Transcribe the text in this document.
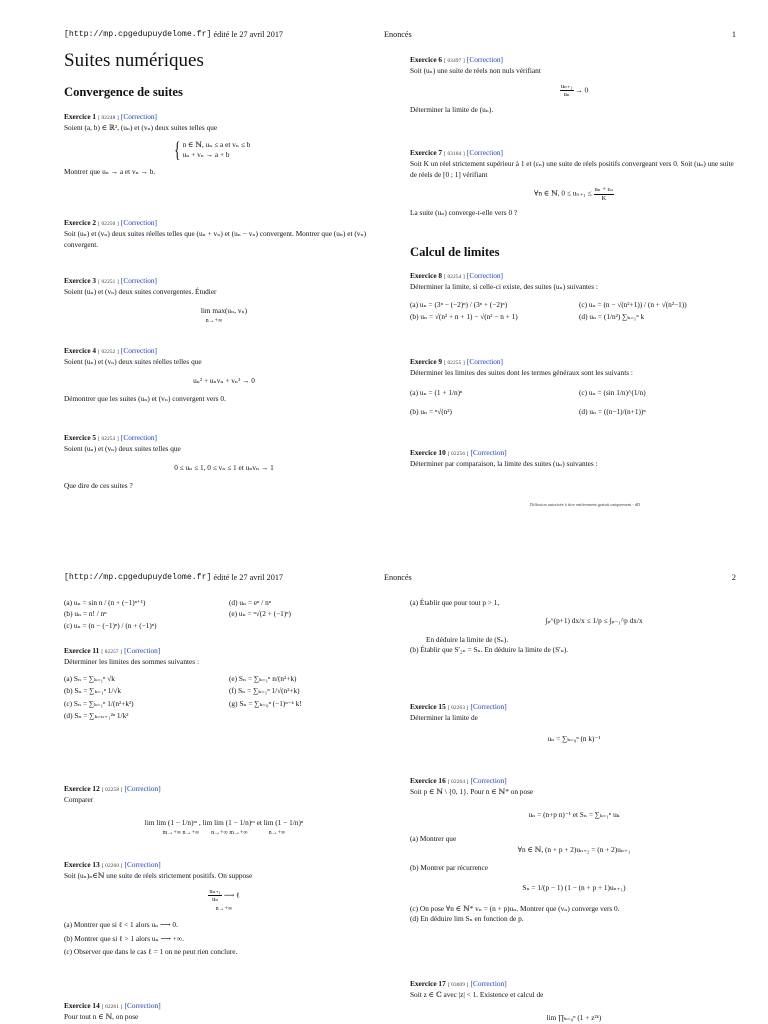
[http://mp.cpgedupuydelome.fr]
édité le 27 avril 2017	Enoncés	1
Suites numériques
Convergence de suites
Exercice 1 [ 02248 ] [Correction]
Soient (a, b) ∈ ℝ², (uₙ) et (vₙ) deux suites telles que
{ n ∈ ℕ, uₙ ≤ a et vₙ ≤ b
uₙ + vₙ → a + b
Montrer que uₙ → a et vₙ → b.
Exercice 2 [ 02250 ] [Correction]
Soit (uₙ) et (vₙ) deux suites réelles telles que (uₙ + vₙ) et (uₙ − vₙ) convergent. Montrer que (uₙ) et (vₙ) convergent.
Exercice 3 [ 02251 ] [Correction]
Soient (uₙ) et (vₙ) deux suites convergentes. Étudier
lim max(uₙ, vₙ)
n→+∞
Exercice 4 [ 02252 ] [Correction]
Soient (uₙ) et (vₙ) deux suites réelles telles que
uₙ² + uₙvₙ + vₙ² → 0
Démontrer que les suites (uₙ) et (vₙ) convergent vers 0.
Exercice 5 [ 02253 ] [Correction]
Soient (uₙ) et (vₙ) deux suites telles que
0 ≤ uₙ ≤ 1, 0 ≤ vₙ ≤ 1 et uₙvₙ → 1
Que dire de ces suites ?
Exercice 6 [ 03497 ] [Correction]
Soit (uₙ) une suite de réels non nuls vérifiant
$\frac{\text{uₙ₊₁}}{\text{uₙ}} \to 0$
Déterminer la limite de (uₙ).
Exercice 7 [ 03184 ] [Correction]
Soit K un réel strictement supérieur à 1 et (εₙ) une suite de réels positifs convergeant vers 0. Soit (uₙ) une suite de réels de [0 ; 1] vérifiant
∀n ∈ ℕ, $0 \le u_{n+1} \le \frac{\text{uₙ + εₙ}}{K}$
La suite (uₙ) converge-t-elle vers 0 ?
Calcul de limites
Exercice 8 [ 02254 ] [Correction]
Déterminer la limite, si celle-ci existe, des suites (uₙ) suivantes :
(a) uₙ = (3ⁿ − (−2)ⁿ) / (3ⁿ + (−2)ⁿ)	(c) uₙ = (n − √(n²+1)) / (n + √(n²−1))
(b) uₙ = √(n² + n + 1) − √(n² − n + 1)	(d) uₙ = (1/n²) ∑ₖ₌₁ⁿ k
Exercice 9 [ 02255 ] [Correction]
Déterminer les limites des suites dont les termes généraux sont les suivants :
(a) uₙ = (1 + 1/n)ⁿ	(c) uₙ = (sin 1/n)^(1/n)
(b) uₙ = ⁿ√(n²)	(d) uₙ = ((n−1)/(n+1))ⁿ
Exercice 10 [ 02256 ] [Correction]
Déterminer par comparaison, la limite des suites (uₙ) suivantes :
Diffusion autorisée à titre entièrement gratuit uniquement - dD
[http://mp.cpgedupuydelome.fr]
édité le 27 avril 2017	Enoncés	2
(a) uₙ = sin n / (n + (−1)ⁿ⁺¹)	(d) uₙ = eⁿ / nⁿ
(b) uₙ = n! / nⁿ	(e) uₙ = ⁿ√(2 + (−1)ⁿ)
(c) uₙ = (n − (−1)ⁿ) / (n + (−1)ⁿ)
Exercice 11 [ 02257 ] [Correction]
Déterminer les limites des sommes suivantes :
(a) Sₙ = ∑ₖ₌₁ⁿ √k	(e) Sₙ = ∑ₖ₌₁ⁿ n/(n²+k)
(b) Sₙ = ∑ₖ₌₁ⁿ 1/√k	(f) Sₙ = ∑ₖ₌₁ⁿ 1/√(n²+k)
(c) Sₙ = ∑ₖ₌₁ⁿ 1/(n²+k²)	(g) Sₙ = ∑ₖ₌₀ⁿ (−1)ⁿ⁻ᵏ k!
(d) Sₙ = ∑ₖ₌ₙ₊₁²ⁿ 1/k²
Exercice 12 [ 02258 ] [Correction]
Comparer
lim lim (1 − 1/n)ᵐ , lim lim (1 − 1/n)ᵐ et lim (1 − 1/n)ⁿ
m→+∞ n→+∞        n→+∞ m→+∞              n→+∞
Exercice 13 [ 02260 ] [Correction]
Soit (uₙ)ₙ∈ℕ une suite de réels strictement positifs. On suppose
$\frac{\text{uₙ₊₁}}{\text{uₙ}}$ ⟶ ℓ
n→+∞
(a) Montrer que si ℓ < 1 alors uₙ ⟶ 0.
(b) Montrer que si ℓ > 1 alors uₙ ⟶ +∞.
(c) Observer que dans le cas ℓ = 1 on ne peut rien conclure.
Exercice 14 [ 02261 ] [Correction]
Pour tout n ∈ ℕ, on pose
(a) Établir que pour tout p > 1,
∫ₚ^(p+1) dx/x ≤ 1/p ≤ ∫ₚ₋₁^p dx/x
En déduire la limite de (Sₙ).
(b) Établir que S′₂ₙ = Sₙ. En déduire la limite de (S′ₙ).
Exercice 15 [ 02263 ] [Correction]
Déterminer la limite de
uₙ = ∑ₖ₌₀ⁿ (n k)⁻¹
Exercice 16 [ 02264 ] [Correction]
Soit p ∈ ℕ \ {0, 1}. Pour n ∈ ℕ* on pose
uₙ = (n+p n)⁻¹ et Sₙ = ∑ₖ₌₁ⁿ uₖ
(a) Montrer que
∀n ∈ ℕ, (n + p + 2)uₙ₊₂ = (n + 2)uₙ₊₁
(b) Montrer par récurrence
Sₙ = 1/(p − 1) (1 − (n + p + 1)uₙ₊₁)
(c) On pose ∀n ∈ ℕ* vₙ = (n + p)uₙ. Montrer que (vₙ) converge vers 0.
(d) En déduire lim Sₙ en fonction de p.
Exercice 17 [ 03009 ] [Correction]
Soit z ∈ ℂ avec |z| < 1. Existence et calcul de
lim ∏ₖ₌₀ⁿ (1 + z²ᵏ)
